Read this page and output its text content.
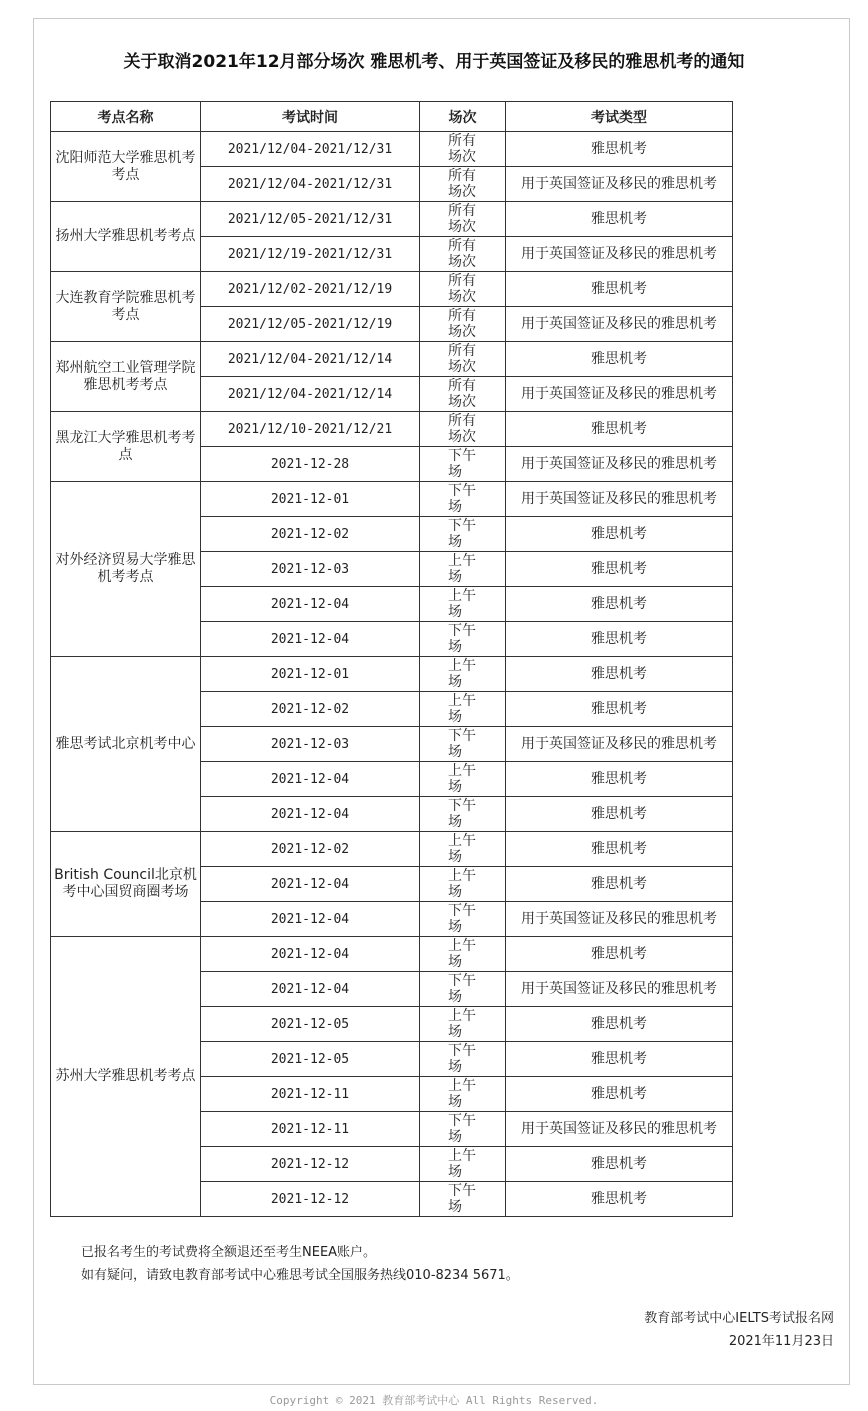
关于取消2021年12月部分场次 雅思机考、用于英国签证及移民的雅思机考的通知
考点名称	考试时间	场次	考试类型
沈阳师范大学雅思机考考点	2021/12/04-2021/12/31	所有场次	雅思机考
	2021/12/04-2021/12/31	所有场次	用于英国签证及移民的雅思机考
扬州大学雅思机考考点	2021/12/05-2021/12/31	所有场次	雅思机考
	2021/12/19-2021/12/31	所有场次	用于英国签证及移民的雅思机考
大连教育学院雅思机考考点	2021/12/02-2021/12/19	所有场次	雅思机考
	2021/12/05-2021/12/19	所有场次	用于英国签证及移民的雅思机考
郑州航空工业管理学院雅思机考考点	2021/12/04-2021/12/14	所有场次	雅思机考
	2021/12/04-2021/12/14	所有场次	用于英国签证及移民的雅思机考
黑龙江大学雅思机考考点	2021/12/10-2021/12/21	所有场次	雅思机考
	2021-12-28	下午场	用于英国签证及移民的雅思机考
对外经济贸易大学雅思机考考点	2021-12-01	下午场	用于英国签证及移民的雅思机考
	2021-12-02	下午场	雅思机考
	2021-12-03	上午场	雅思机考
	2021-12-04	上午场	雅思机考
	2021-12-04	下午场	雅思机考
雅思考试北京机考中心	2021-12-01	上午场	雅思机考
	2021-12-02	上午场	雅思机考
	2021-12-03	下午场	用于英国签证及移民的雅思机考
	2021-12-04	上午场	雅思机考
	2021-12-04	下午场	雅思机考
British Council北京机考中心国贸商圈考场	2021-12-02	上午场	雅思机考
	2021-12-04	上午场	雅思机考
	2021-12-04	下午场	用于英国签证及移民的雅思机考
苏州大学雅思机考考点	2021-12-04	上午场	雅思机考
	2021-12-04	下午场	用于英国签证及移民的雅思机考
	2021-12-05	上午场	雅思机考
	2021-12-05	下午场	雅思机考
	2021-12-11	上午场	雅思机考
	2021-12-11	下午场	用于英国签证及移民的雅思机考
	2021-12-12	上午场	雅思机考
	2021-12-12	下午场	雅思机考
已报名考生的考试费将全额退还至考生NEEA账户。
如有疑问，请致电教育部考试中心雅思考试全国服务热线010-8234 5671。
教育部考试中心IELTS考试报名网
2021年11月23日
Copyright © 2021 教育部考试中心 All Rights Reserved.
